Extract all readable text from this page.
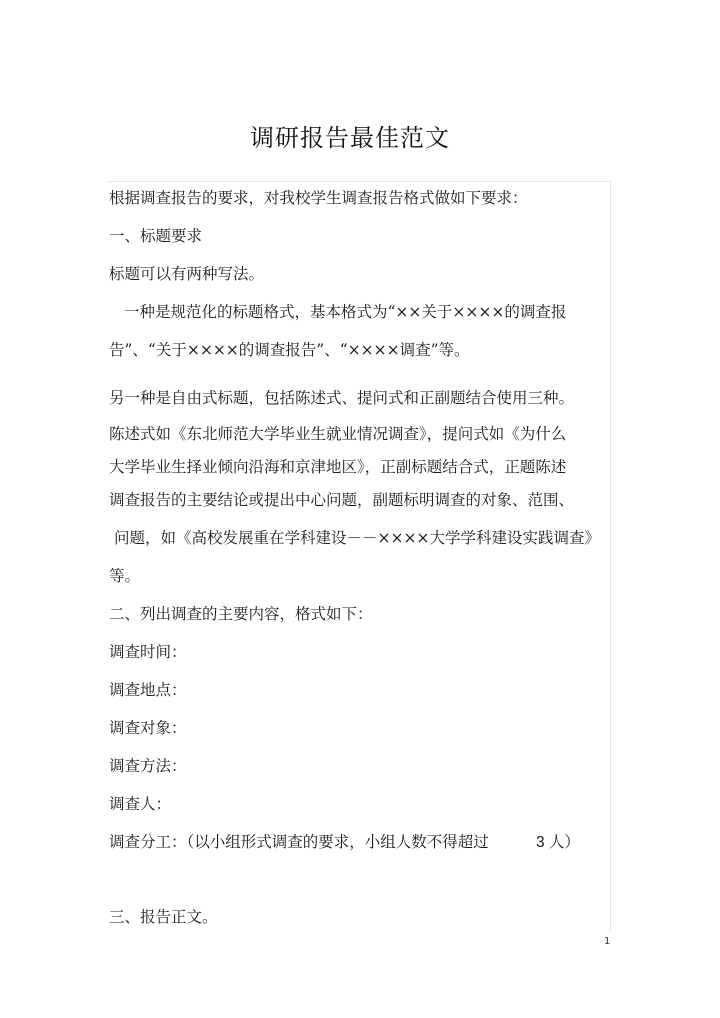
调研报告最佳范文
根据调查报告的要求，对我校学生调查报告格式做如下要求：
一、标题要求
标题可以有两种写法。
一种是规范化的标题格式，基本格式为“××关于××××的调查报
告”、“关于××××的调查报告”、“××××调查”等。
另一种是自由式标题，包括陈述式、提问式和正副题结合使用三种。
陈述式如《东北师范大学毕业生就业情况调查》，提问式如《为什么
大学毕业生择业倾向沿海和京津地区》，正副标题结合式，正题陈述
调查报告的主要结论或提出中心问题，副题标明调查的对象、范围、
问题，如《高校发展重在学科建设－－××××大学学科建设实践调查》
等。
二、列出调查的主要内容，格式如下：
调查时间：
调查地点：
调查对象：
调查方法：
调查人：
调查分工：（以小组形式调查的要求，小组人数不得超过	3 人）
三、报告正文。
1
